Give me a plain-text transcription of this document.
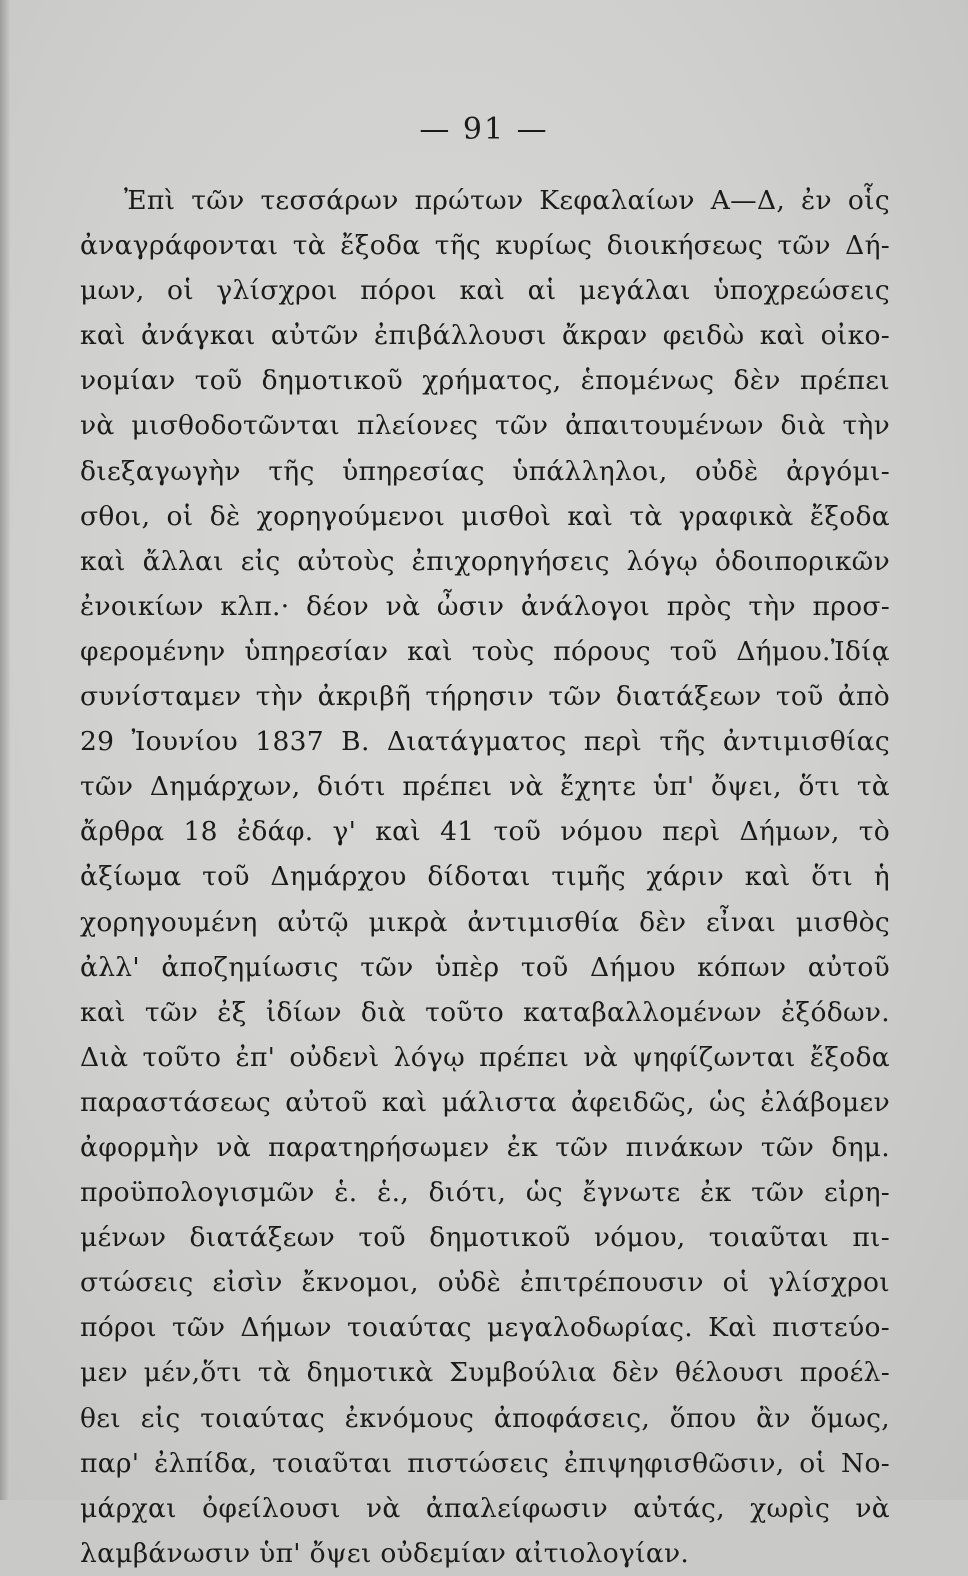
— 91 —
Ἐπὶ τῶν τεσσάρων πρώτων Κεφαλαίων Α—Δ, ἐν οἷς
ἀναγράφονται τὰ ἔξοδα τῆς κυρίως διοικήσεως τῶν Δή-
μων, οἱ γλίσχροι πόροι καὶ αἱ μεγάλαι ὑποχρεώσεις
καὶ ἀνάγκαι αὐτῶν ἐπιβάλλουσι ἄκραν φειδὼ καὶ οἰκο-
νομίαν τοῦ δημοτικοῦ χρήματος, ἑπομένως δὲν πρέπει
νὰ μισθοδοτῶνται πλείονες τῶν ἀπαιτουμένων διὰ τὴν
διεξαγωγὴν τῆς ὑπηρεσίας ὑπάλληλοι, οὐδὲ ἀργόμι-
σθοι, οἱ δὲ χορηγούμενοι μισθοὶ καὶ τὰ γραφικὰ ἔξοδα
καὶ ἄλλαι εἰς αὐτοὺς ἐπιχορηγήσεις λόγῳ ὁδοιπορικῶν
ἐνοικίων κλπ.· δέον νὰ ὦσιν ἀνάλογοι πρὸς τὴν προσ-
φερομένην ὑπηρεσίαν καὶ τοὺς πόρους τοῦ Δήμου.Ἰδίᾳ
συνίσταμεν τὴν ἀκριβῆ τήρησιν τῶν διατάξεων τοῦ ἀπὸ
29 Ἰουνίου 1837 Β. Διατάγματος περὶ τῆς ἀντιμισθίας
τῶν Δημάρχων, διότι πρέπει νὰ ἔχητε ὑπ' ὄψει, ὅτι τὰ
ἄρθρα 18 ἐδάφ. γ' καὶ 41 τοῦ νόμου περὶ Δήμων, τὸ
ἀξίωμα τοῦ Δημάρχου δίδοται τιμῆς χάριν καὶ ὅτι ἡ
χορηγουμένη αὐτῷ μικρὰ ἀντιμισθία δὲν εἶναι μισθὸς
ἀλλ' ἀποζημίωσις τῶν ὑπὲρ τοῦ Δήμου κόπων αὐτοῦ
καὶ τῶν ἐξ ἰδίων διὰ τοῦτο καταβαλλομένων ἐξόδων.
Διὰ τοῦτο ἐπ' οὐδενὶ λόγῳ πρέπει νὰ ψηφίζωνται ἔξοδα
παραστάσεως αὐτοῦ καὶ μάλιστα ἀφειδῶς, ὡς ἐλάβομεν
ἀφορμὴν νὰ παρατηρήσωμεν ἐκ τῶν πινάκων τῶν δημ.
προϋπολογισμῶν ἑ. ἑ., διότι, ὡς ἔγνωτε ἐκ τῶν εἰρη-
μένων διατάξεων τοῦ δημοτικοῦ νόμου, τοιαῦται πι-
στώσεις εἰσὶν ἔκνομοι, οὐδὲ ἐπιτρέπουσιν οἱ γλίσχροι
πόροι τῶν Δήμων τοιαύτας μεγαλοδωρίας. Καὶ πιστεύο-
μεν μέν,ὅτι τὰ δημοτικὰ Συμβούλια δὲν θέλουσι προέλ-
θει εἰς τοιαύτας ἐκνόμους ἀποφάσεις, ὅπου ἂν ὅμως,
παρ' ἐλπίδα, τοιαῦται πιστώσεις ἐπιψηφισθῶσιν, οἱ Νο-
μάρχαι ὀφείλουσι νὰ ἀπαλείφωσιν αὐτάς, χωρὶς νὰ
λαμβάνωσιν ὑπ' ὄψει οὐδεμίαν αἰτιολογίαν.
